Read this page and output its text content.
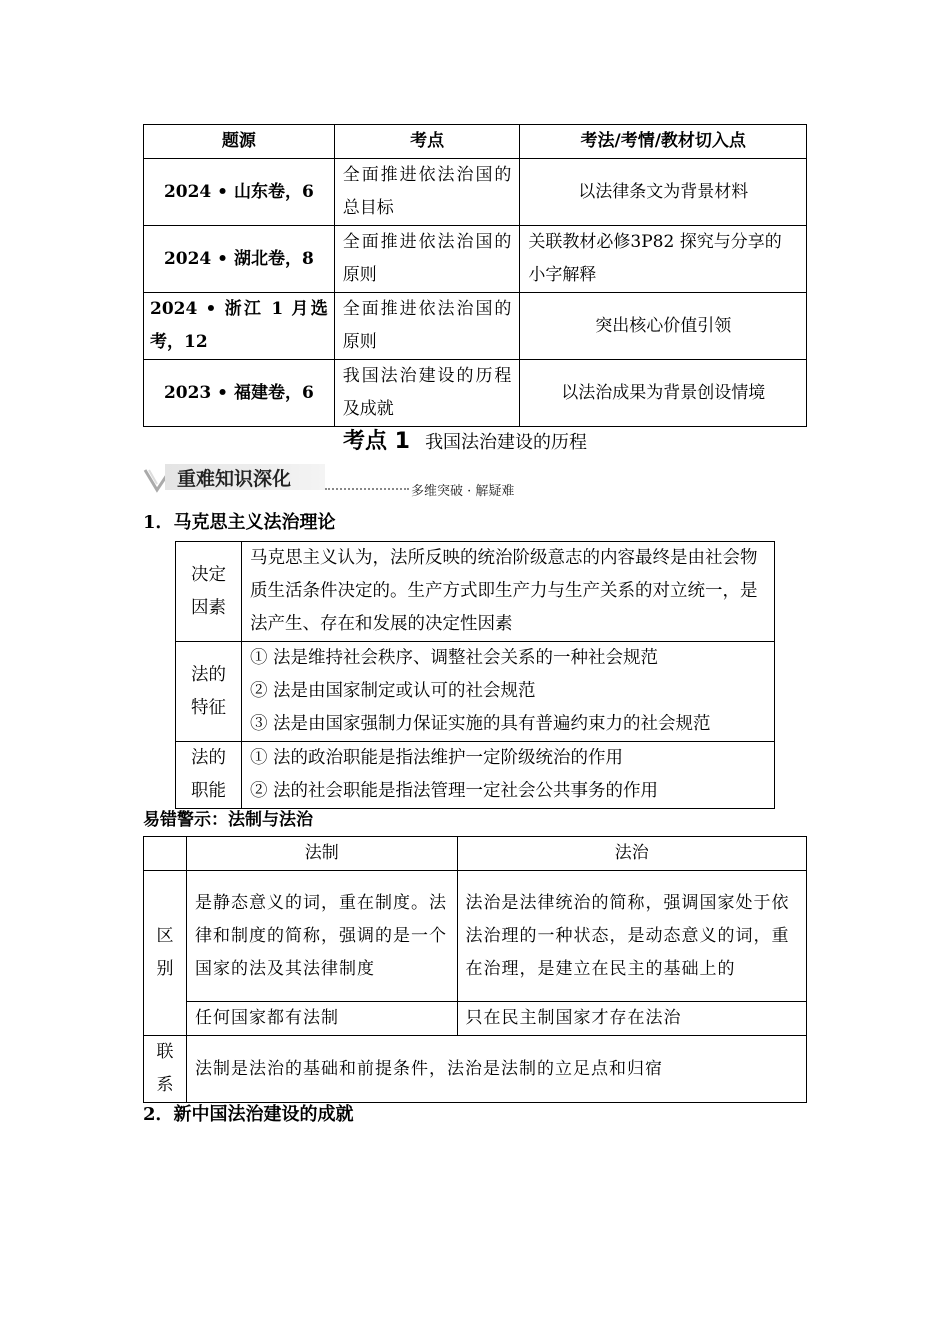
题源	考点	考法/考情/教材切入点
2024 • 山东卷，6	全面推进依法治国的总目标	以法律条文为背景材料
2024 • 湖北卷，8	全面推进依法治国的原则	关联教材必修3P82 探究与分享的小字解释
2024 • 浙江 1 月选考，12	全面推进依法治国的原则	突出核心价值引领
2023 • 福建卷，6	我国法治建设的历程及成就	以法治成果为背景创设情境
考点 1 我国法治建设的历程
重难知识深化
多维突破 · 解疑难
1．马克思主义法治理论
决定因素	马克思主义认为，法所反映的统治阶级意志的内容最终是由社会物质生活条件决定的。生产方式即生产力与生产关系的对立统一，是法产生、存在和发展的决定性因素
法的特征	① 法是维持社会秩序、调整社会关系的一种社会规范
② 法是由国家制定或认可的社会规范
③ 法是由国家强制力保证实施的具有普遍约束力的社会规范

法的职能	① 法的政治职能是指法维护一定阶级统治的作用
② 法的社会职能是指法管理一定社会公共事务的作用
易错警示：法制与法治
	法制	法治
区别	是静态意义的词，重在制度。法律和制度的简称，强调的是一个国家的法及其法律制度	法治是法律统治的简称，强调国家处于依法治理的一种状态，是动态意义的词，重在治理，是建立在民主的基础上的
	任何国家都有法制	只在民主制国家才存在法治
联系	法制是法治的基础和前提条件，法治是法制的立足点和归宿	
2．新中国法治建设的成就
